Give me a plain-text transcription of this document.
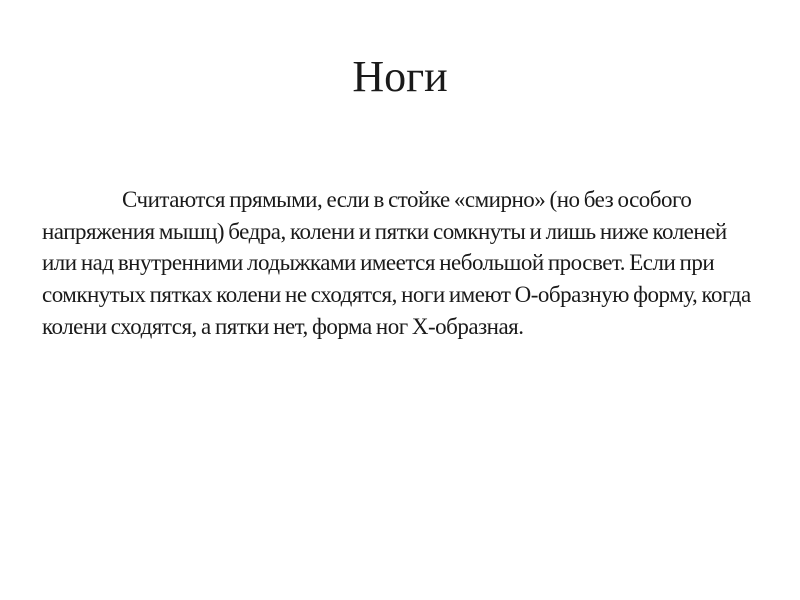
Ноги

Считаются прямыми, если в стойке «смирно» (но без особого напряжения мышц) бедра, колени и пятки сомкнуты и лишь ниже коленей или над внутренними лодыжками имеется небольшой просвет. Если при сомкнутых пятках колени не сходятся, ноги имеют О-образную форму, когда колени сходятся, а пятки нет, форма ног Х-образная.
